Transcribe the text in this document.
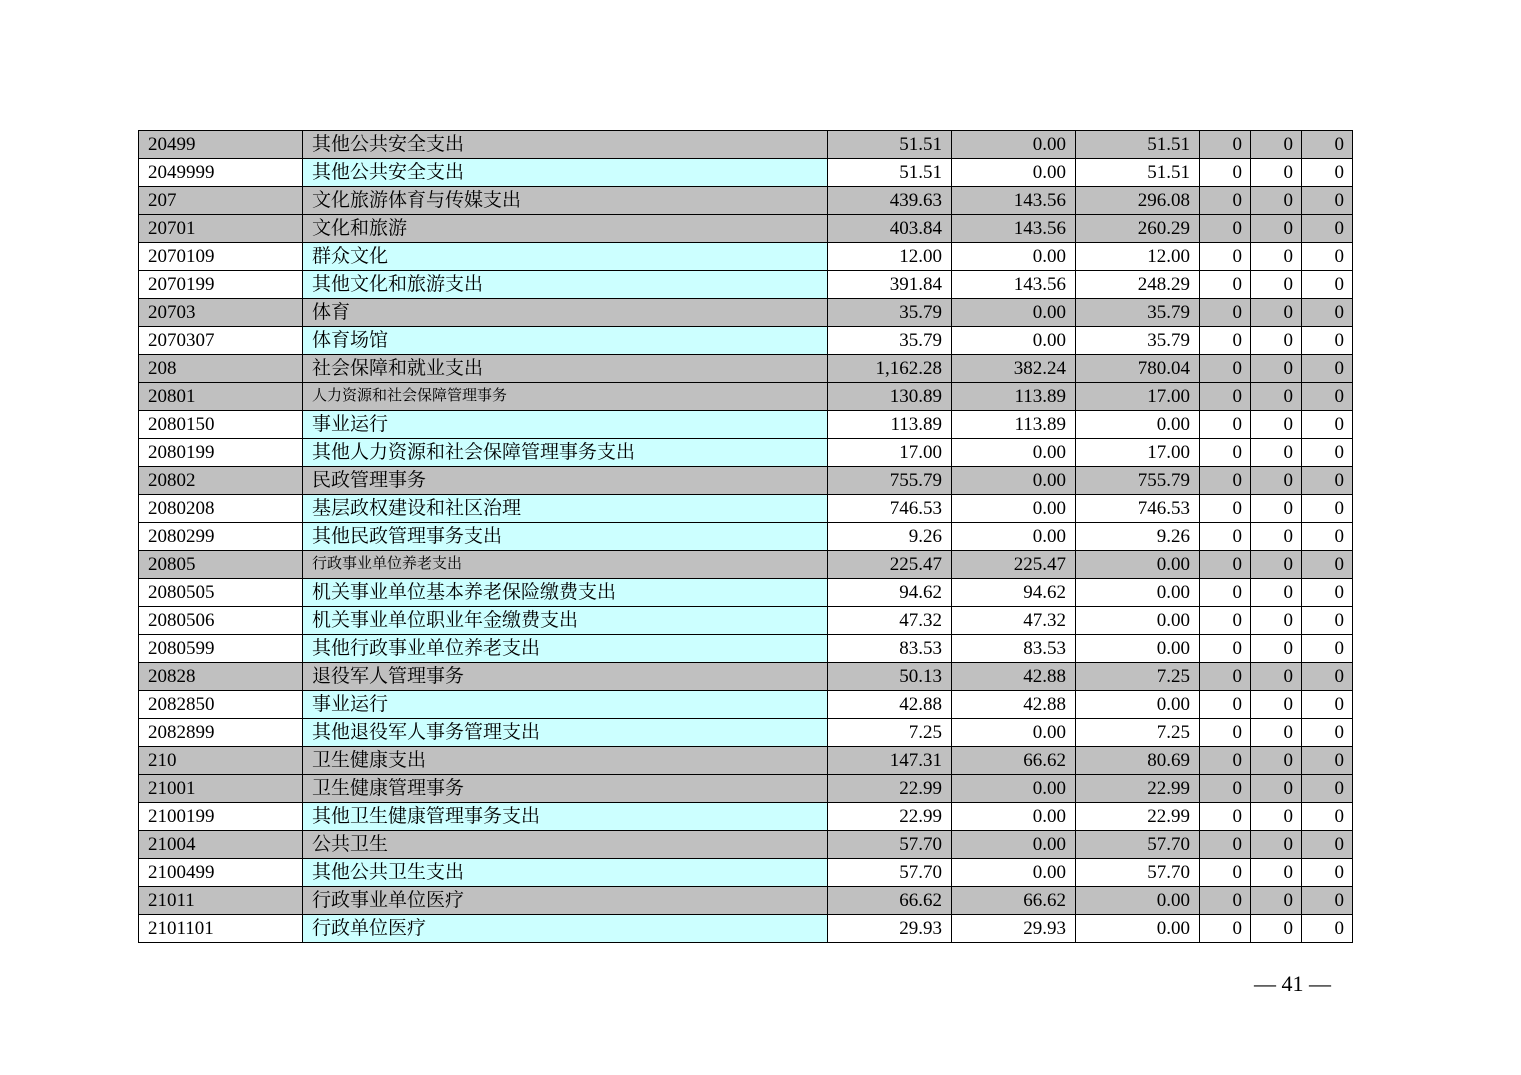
20499	其他公共安全支出	51.51	0.00	51.51	0	0	0
2049999	其他公共安全支出	51.51	0.00	51.51	0	0	0
207	文化旅游体育与传媒支出	439.63	143.56	296.08	0	0	0
20701	文化和旅游	403.84	143.56	260.29	0	0	0
2070109	群众文化	12.00	0.00	12.00	0	0	0
2070199	其他文化和旅游支出	391.84	143.56	248.29	0	0	0
20703	体育	35.79	0.00	35.79	0	0	0
2070307	体育场馆	35.79	0.00	35.79	0	0	0
208	社会保障和就业支出	1,162.28	382.24	780.04	0	0	0
20801	人力资源和社会保障管理事务	130.89	113.89	17.00	0	0	0
2080150	事业运行	113.89	113.89	0.00	0	0	0
2080199	其他人力资源和社会保障管理事务支出	17.00	0.00	17.00	0	0	0
20802	民政管理事务	755.79	0.00	755.79	0	0	0
2080208	基层政权建设和社区治理	746.53	0.00	746.53	0	0	0
2080299	其他民政管理事务支出	9.26	0.00	9.26	0	0	0
20805	行政事业单位养老支出	225.47	225.47	0.00	0	0	0
2080505	机关事业单位基本养老保险缴费支出	94.62	94.62	0.00	0	0	0
2080506	机关事业单位职业年金缴费支出	47.32	47.32	0.00	0	0	0
2080599	其他行政事业单位养老支出	83.53	83.53	0.00	0	0	0
20828	退役军人管理事务	50.13	42.88	7.25	0	0	0
2082850	事业运行	42.88	42.88	0.00	0	0	0
2082899	其他退役军人事务管理支出	7.25	0.00	7.25	0	0	0
210	卫生健康支出	147.31	66.62	80.69	0	0	0
21001	卫生健康管理事务	22.99	0.00	22.99	0	0	0
2100199	其他卫生健康管理事务支出	22.99	0.00	22.99	0	0	0
21004	公共卫生	57.70	0.00	57.70	0	0	0
2100499	其他公共卫生支出	57.70	0.00	57.70	0	0	0
21011	行政事业单位医疗	66.62	66.62	0.00	0	0	0
2101101	行政单位医疗	29.93	29.93	0.00	0	0	0
— 41 —
